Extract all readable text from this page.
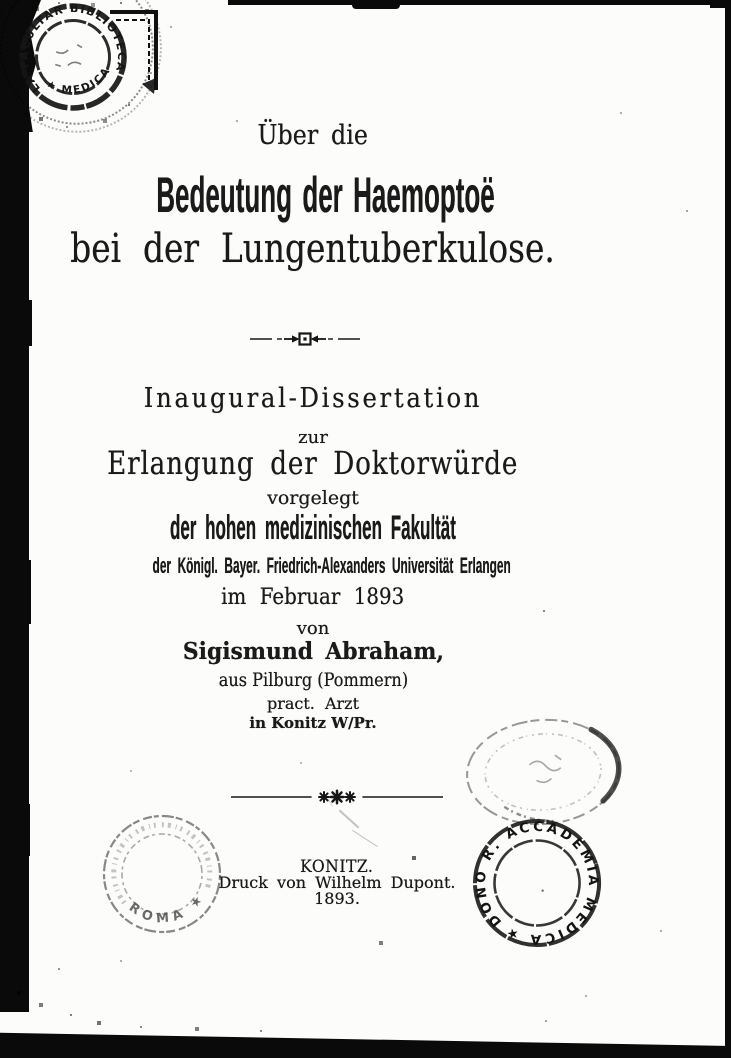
Über die
Bedeutung der Haemoptoë
bei der Lungentuberkulose.
Inaugural-Dissertation
zur
Erlangung der Doktorwürde
vorgelegt
der hohen medizinischen Fakultät
der Königl. Bayer. Friedrich-Alexanders Universität Erlangen
im Februar 1893
von
Sigismund Abraham,
aus Pilburg (Pommern)
pract. Arzt
in Konitz W/Pr.
KONITZ.
Druck von Wilhelm Dupont.
1893.
LA FACULTAR BIBLIOTECA
★ MEDICA
ROMA ★
DONO R. ACCADEMIA MEDICA ★
